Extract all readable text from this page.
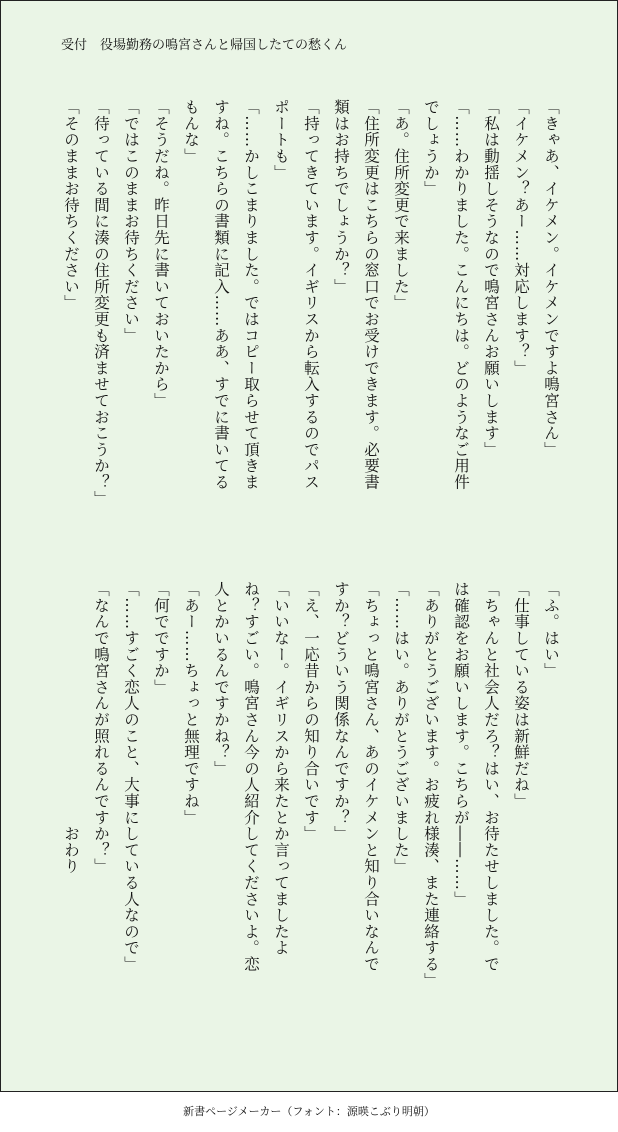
受付　役場勤務の鳴宮さんと帰国したての愁くん
「きゃあ、イケメン。イケメンですよ鳴宮さん」
「イケメン？あー……対応します？」
「私は動揺しそうなので鳴宮さんお願いします」
「……わかりました。こんにちは。どのようなご用件
でしょうか」
「あ。住所変更で来ました」
「住所変更はこちらの窓口でお受けできます。必要書
類はお持ちでしょうか？」
「持ってきています。イギリスから転入するのでパス
ポートも」
「……かしこまりました。ではコピー取らせて頂きま
すね。こちらの書類に記入……ああ、すでに書いてる
もんな」
「そうだね。昨日先に書いておいたから」
「ではこのままお待ちください」
「待っている間に湊の住所変更も済ませておこうか？」
「そのままお待ちください」
「ふ。はい」
「仕事している姿は新鮮だね」
「ちゃんと社会人だろ？はい、お待たせしました。で
は確認をお願いします。こちらが――……」
「ありがとうございます。お疲れ様湊、また連絡する」
「……はい。ありがとうございました」
「ちょっと鳴宮さん、あのイケメンと知り合いなんで
すか？どういう関係なんですか？」
「え、一応昔からの知り合いです」
「いいなー。イギリスから来たとか言ってましたよ
ね？すごい。鳴宮さん今の人紹介してくださいよ。恋
人とかいるんですかね？」
「あー……ちょっと無理ですね」
「何でですか」
「……すごく恋人のこと、大事にしている人なので」
「なんで鳴宮さんが照れるんですか？」
　　　　　　　　　　　　　　　おわり
新書ページメーカー（フォント：源暎こぶり明朝）
